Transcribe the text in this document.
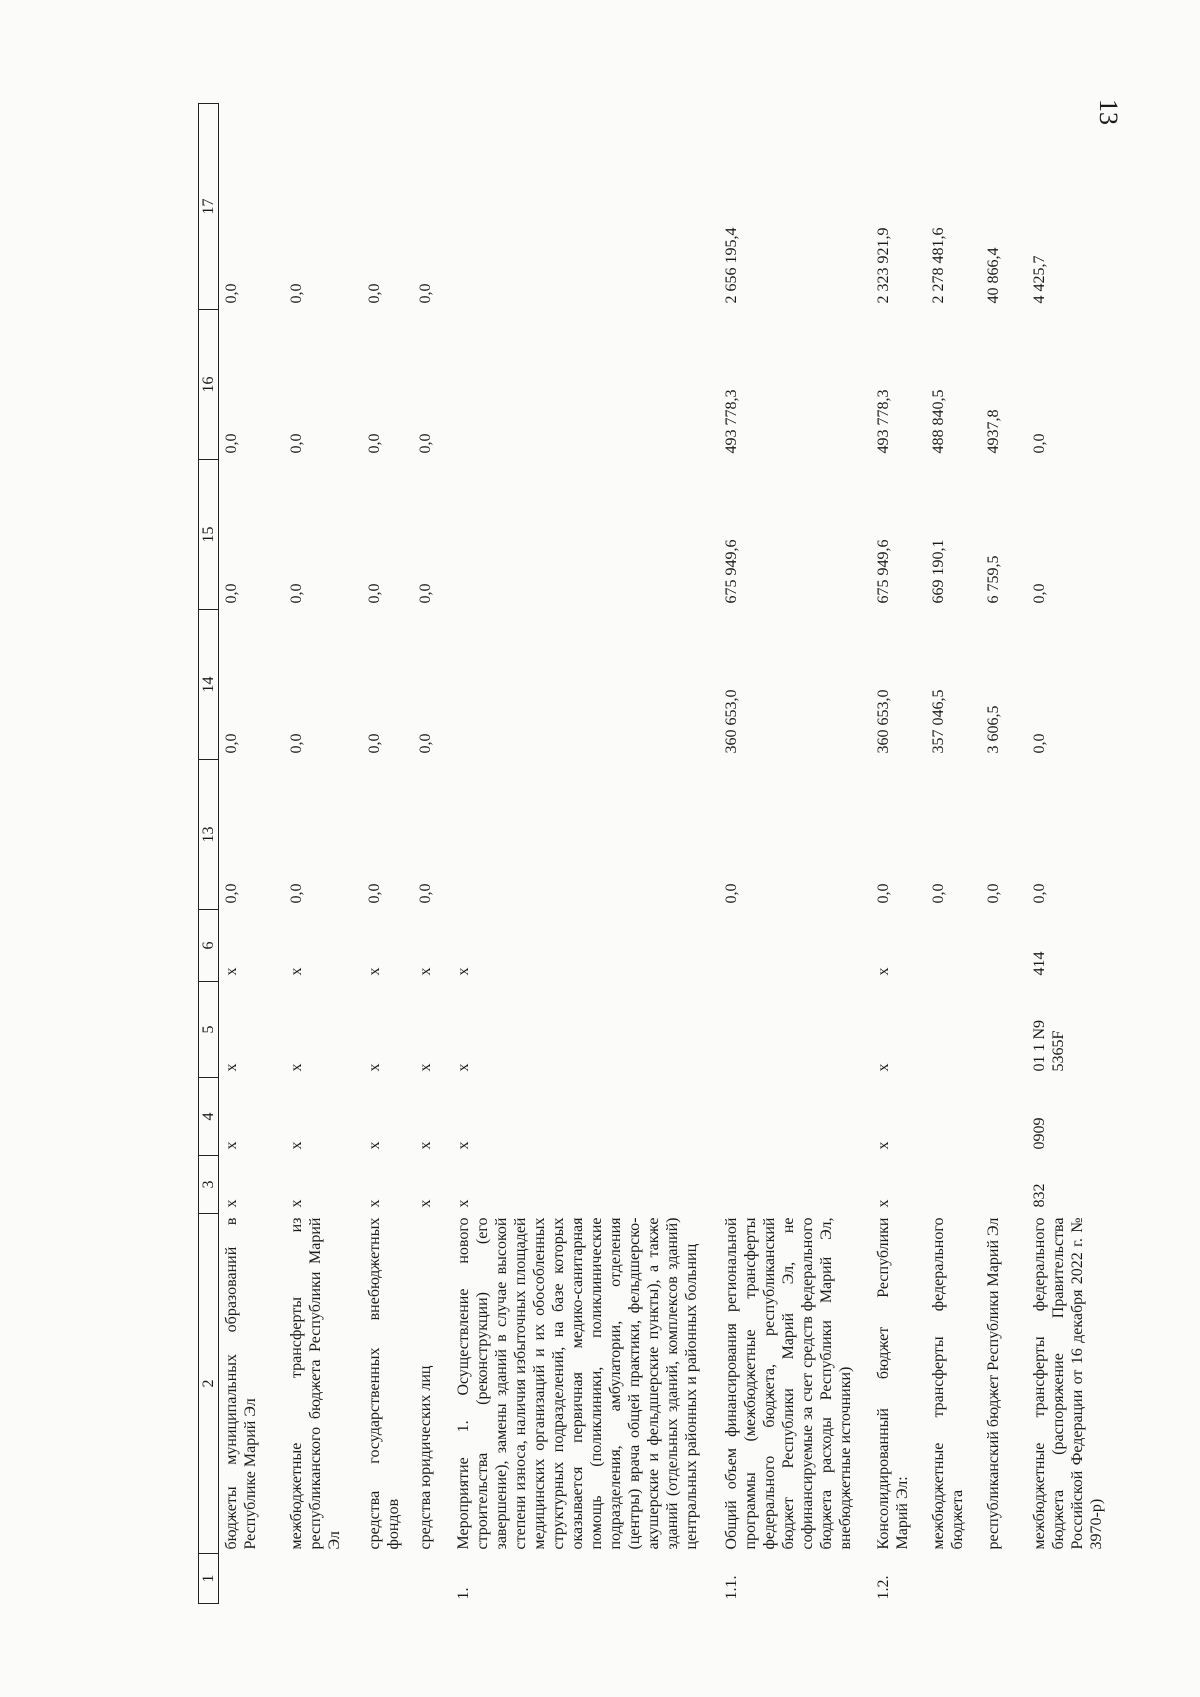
13
1	2	3	4	5	6	13	14	15	16	17
	бюджеты муниципальных образований в Республике Марий Эл	х	х	х	х	0,0	0,0	0,0	0,0	0,0
	межбюджетные трансферты из республиканского бюджета Республики Марий Эл	х	х	х	х	0,0	0,0	0,0	0,0	0,0
	средства государственных внебюджетных фондов	х	х	х	х	0,0	0,0	0,0	0,0	0,0
	средства юридических лиц	х	х	х	х	0,0	0,0	0,0	0,0	0,0
1.	Мероприятие 1. Осуществление нового строительства (реконструкции) (его завершение), замены зданий в случае высокой степени износа, наличия избыточных площадей медицинских организаций и их обособленных структурных подразделений, на базе которых оказывается первичная медико-санитарная помощь (поликлиники, поликлинические подразделения, амбулатории, отделения (центры) врача общей практики, фельдшерско-акушерские и фельдшерские пункты), а также зданий (отдельных зданий, комплексов зданий) центральных районных и районных больниц	х	х	х	х					
1.1.	Общий объем финансирования региональной программы (межбюджетные трансферты федерального бюджета, республиканский бюджет Республики Марий Эл, не софинансируемые за счет средств федерального бюджета расходы Республики Марий Эл, внебюджетные источники)					0,0	360 653,0	675 949,6	493 778,3	2 656 195,4
1.2.	Консолидированный бюджет Республики Марий Эл:	х	х	х	х	0,0	360 653,0	675 949,6	493 778,3	2 323 921,9
	межбюджетные трансферты федерального бюджета					0,0	357 046,5	669 190,1	488 840,5	2 278 481,6
	республиканский бюджет Республики Марий Эл					0,0	3 606,5	6 759,5	4937,8	40 866,4
	межбюджетные трансферты федерального бюджета (распоряжение Правительства Российской Федерации от 16 декабря 2022 г. № 3970-р)	832	0909	01 1 N9 5365F	414	0,0	0,0	0,0	0,0	4 425,7
